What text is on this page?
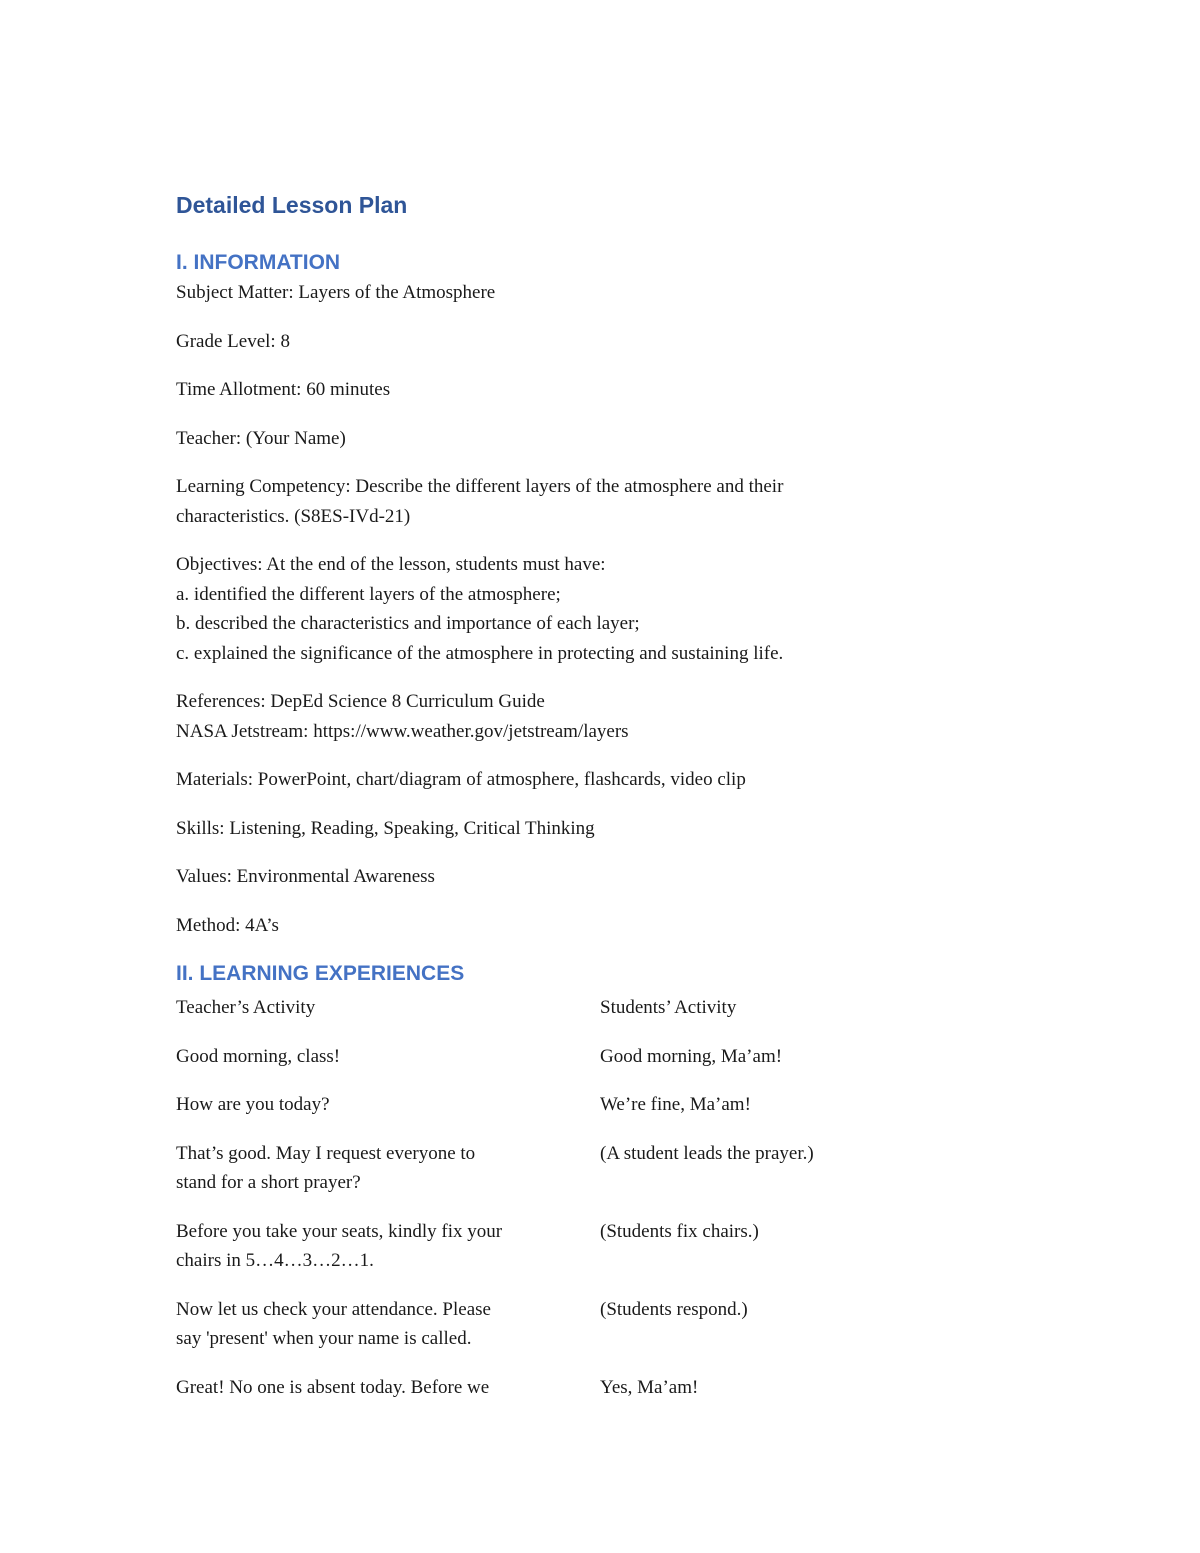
Detailed Lesson Plan
I. INFORMATION

Subject Matter: Layers of the Atmosphere

Grade Level: 8

Time Allotment: 60 minutes

Teacher: (Your Name)

Learning Competency: Describe the different layers of the atmosphere and their
characteristics. (S8ES-IVd-21)

Objectives: At the end of the lesson, students must have:
a. identified the different layers of the atmosphere;
b. described the characteristics and importance of each layer;
c. explained the significance of the atmosphere in protecting and sustaining life.

References: DepEd Science 8 Curriculum Guide
NASA Jetstream: https://www.weather.gov/jetstream/layers

Materials: PowerPoint, chart/diagram of atmosphere, flashcards, video clip

Skills: Listening, Reading, Speaking, Critical Thinking

Values: Environmental Awareness

Method: 4A’s

II. LEARNING EXPERIENCES
Teacher’s Activity	Students’ Activity

Good morning, class!	Good morning, Ma’am!

How are you today?	We’re fine, Ma’am!

That’s good. May I request everyone to
stand for a short prayer?	(A student leads the prayer.)

Before you take your seats, kindly fix your
chairs in 5…4…3…2…1.	(Students fix chairs.)

Now let us check your attendance. Please
say 'present' when your name is called.	(Students respond.)

Great! No one is absent today. Before we	Yes, Ma’am!
